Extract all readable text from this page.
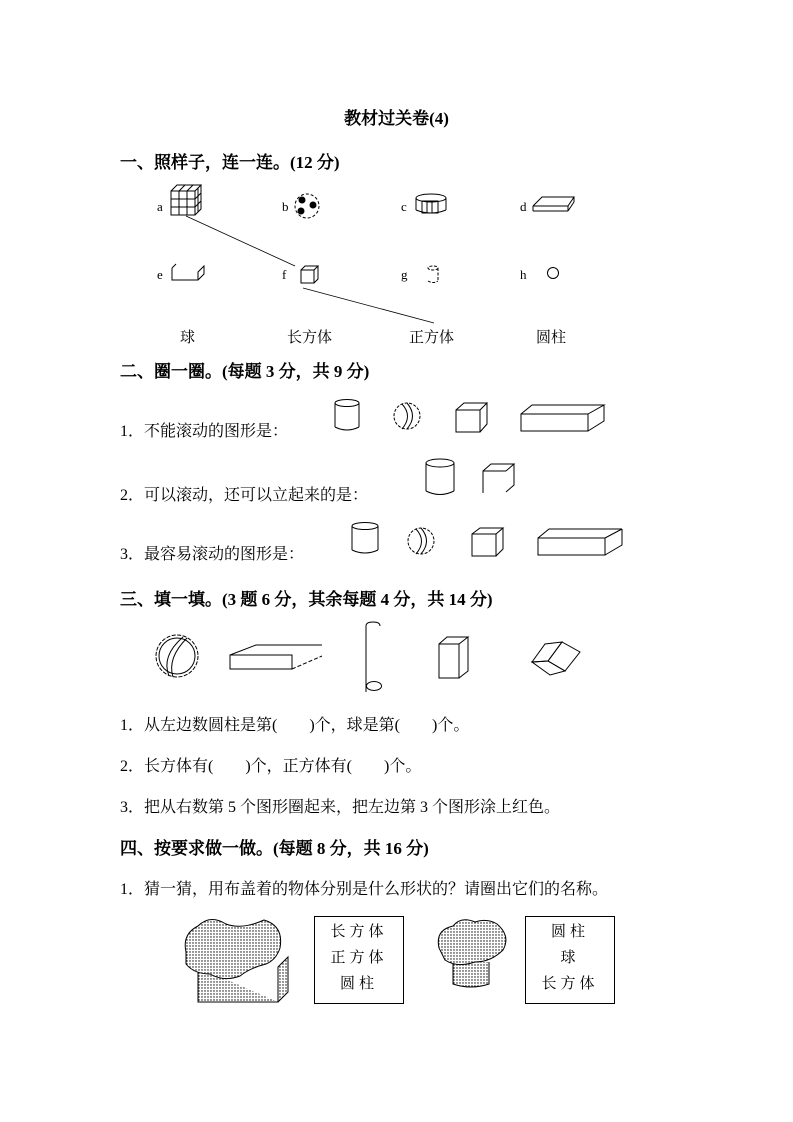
教材过关卷(4)
一、照样子，连一连。(12 分)
a	b	c	d
e	f	g	h
球	长方体	正方体	圆柱
二、圈一圈。(每题 3 分，共 9 分)
1．不能滚动的图形是：
2．可以滚动，还可以立起来的是：
3．最容易滚动的图形是：
三、填一填。(3 题 6 分，其余每题 4 分，共 14 分)
1．从左边数圆柱是第(　　)个，球是第(　　)个。
2．长方体有(　　)个，正方体有(　　)个。
3．把从右数第 5 个图形圈起来，把左边第 3 个图形涂上红色。
四、按要求做一做。(每题 8 分，共 16 分)
1．猜一猜，用布盖着的物体分别是什么形状的？请圈出它们的名称。
长方体
正方体
圆柱
圆柱
球
长方体
